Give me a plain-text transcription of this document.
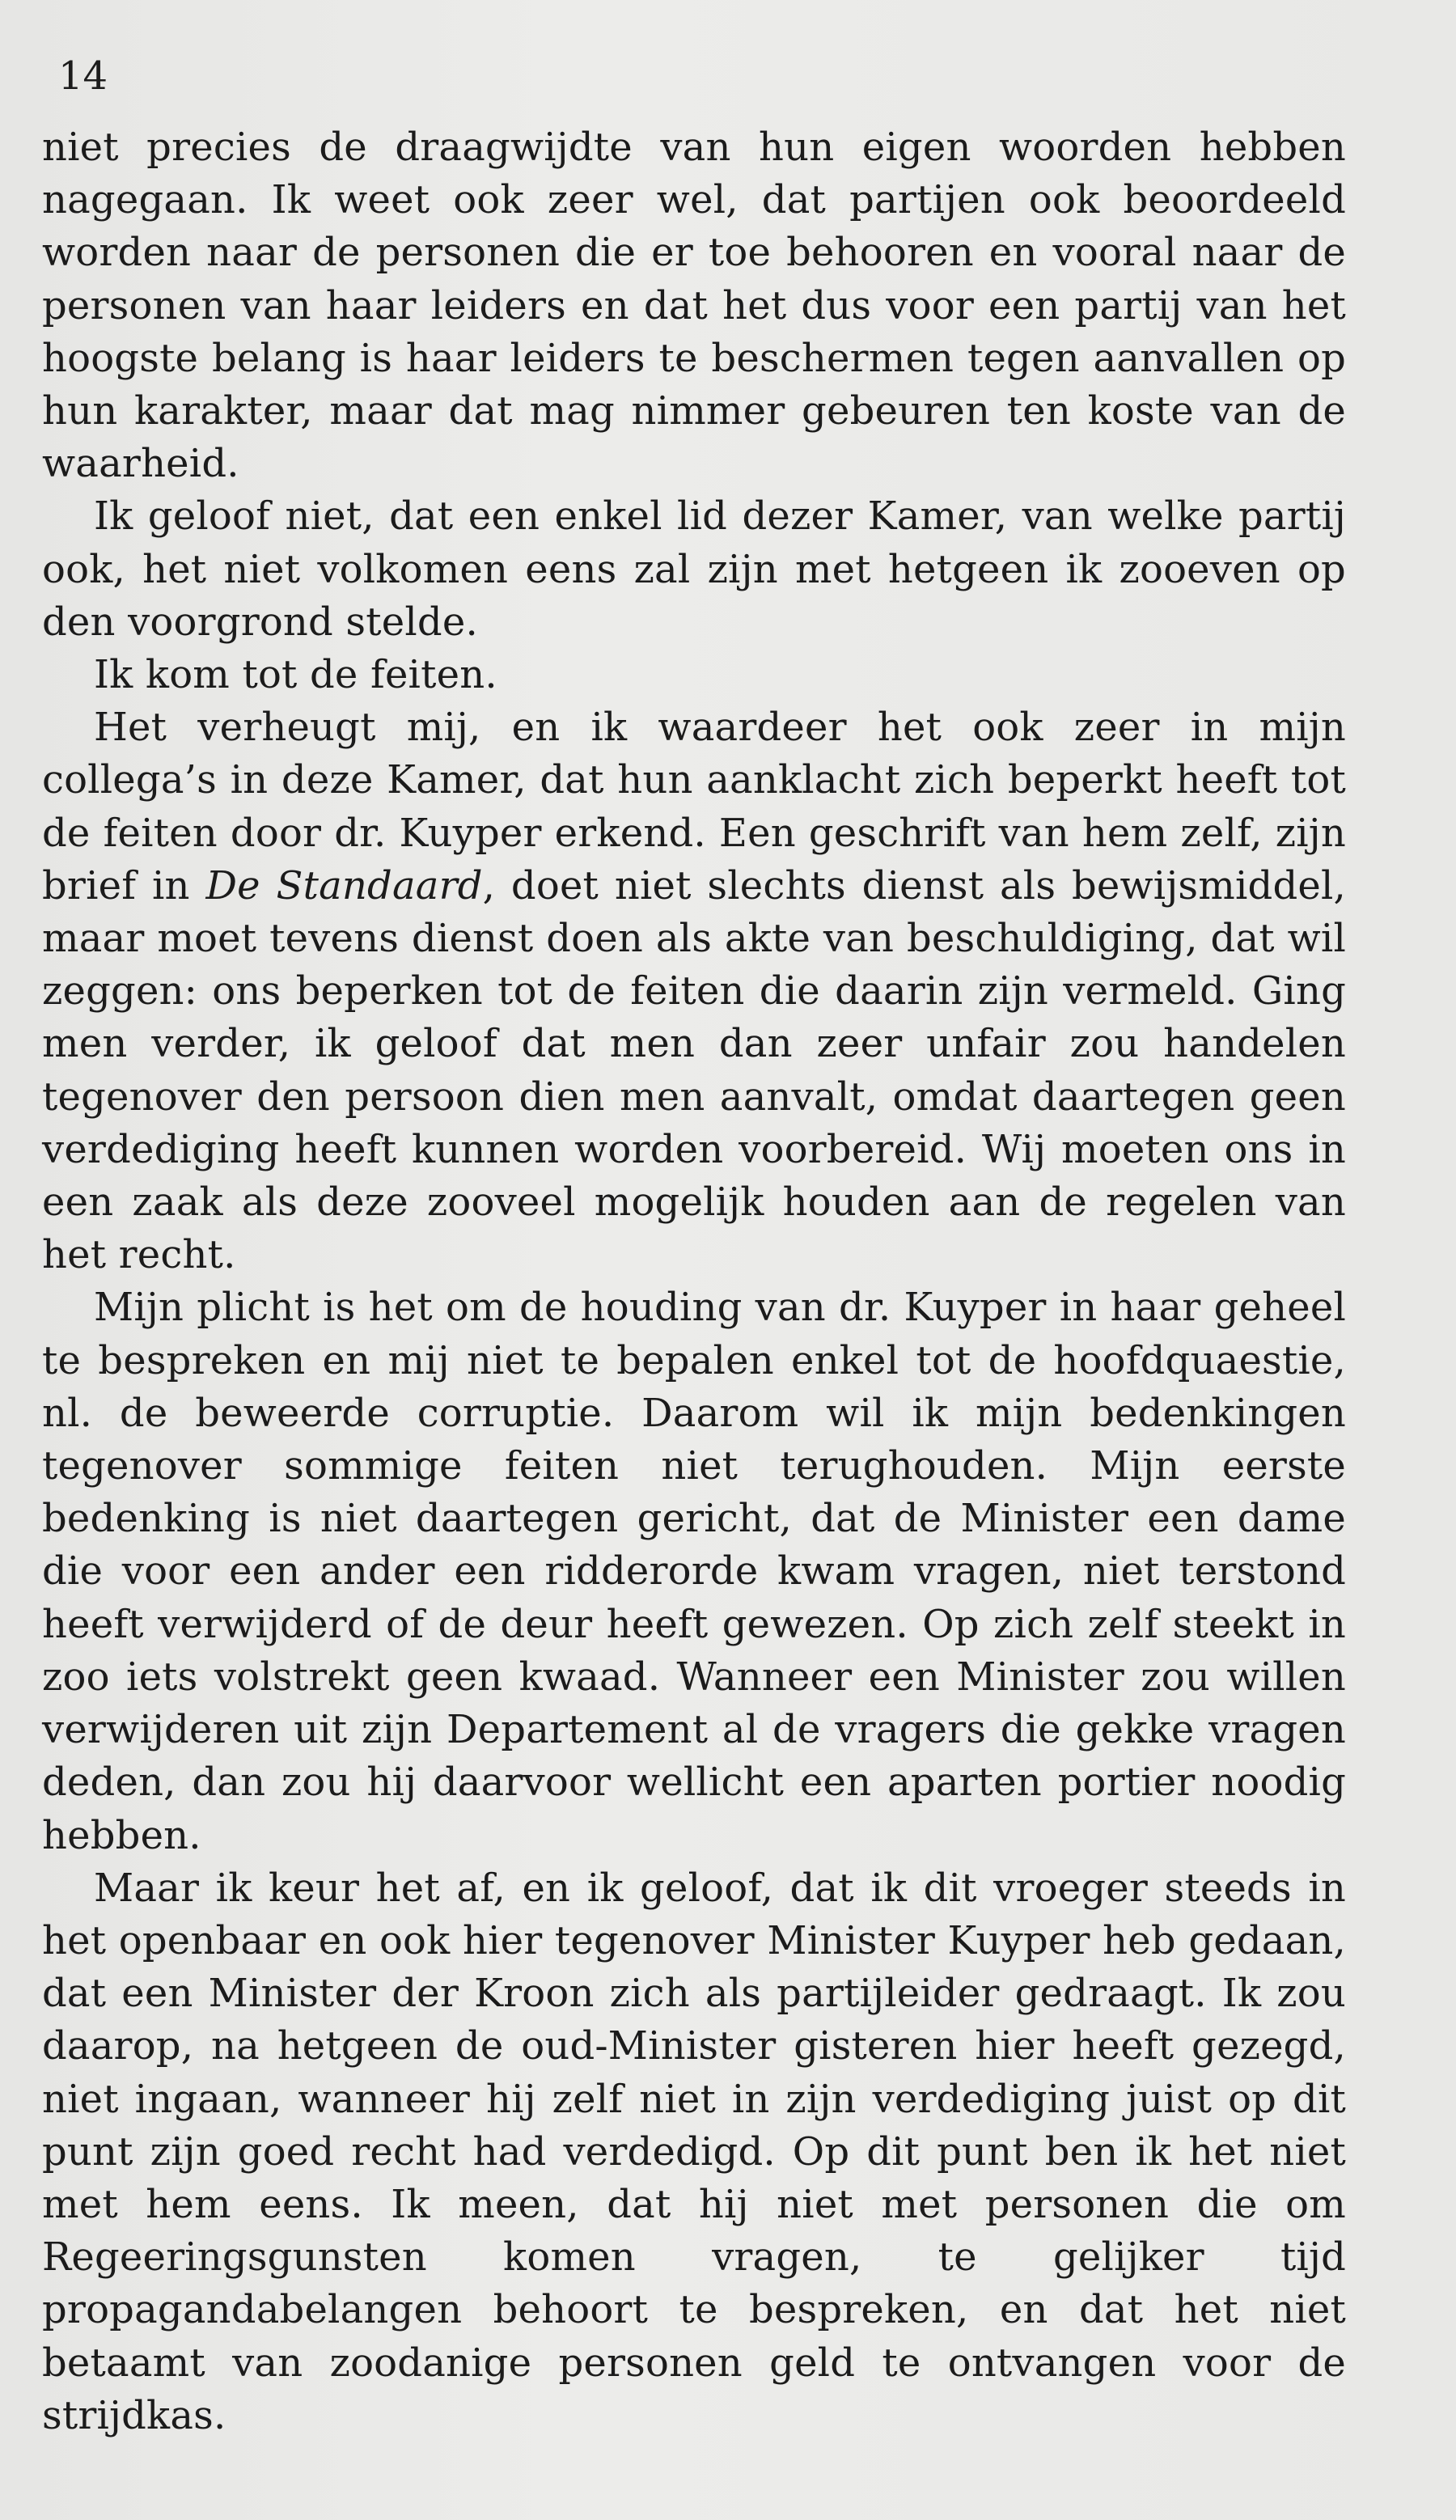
14

niet precies de draagwijdte van hun eigen woorden hebben nagegaan. Ik weet ook zeer wel, dat partijen ook beoordeeld worden naar de personen die er toe behooren en vooral naar de personen van haar leiders en dat het dus voor een partij van het hoogste belang is haar leiders te beschermen tegen aanvallen op hun karakter, maar dat mag nimmer gebeuren ten koste van de waarheid.

Ik geloof niet, dat een enkel lid dezer Kamer, van welke partij ook, het niet volkomen eens zal zijn met hetgeen ik zooeven op den voorgrond stelde.

Ik kom tot de feiten.

Het verheugt mij, en ik waardeer het ook zeer in mijn collega’s in deze Kamer, dat hun aanklacht zich beperkt heeft tot de feiten door dr. Kuyper erkend. Een geschrift van hem zelf, zijn brief in De Standaard, doet niet slechts dienst als bewijsmiddel, maar moet tevens dienst doen als akte van beschuldiging, dat wil zeggen: ons beperken tot de feiten die daarin zijn vermeld. Ging men verder, ik geloof dat men dan zeer unfair zou handelen tegenover den persoon dien men aanvalt, omdat daartegen geen verdediging heeft kunnen worden voorbereid. Wij moeten ons in een zaak als deze zooveel mogelijk houden aan de regelen van het recht.

Mijn plicht is het om de houding van dr. Kuyper in haar geheel te bespreken en mij niet te bepalen enkel tot de hoofdquaestie, nl. de beweerde corruptie. Daarom wil ik mijn bedenkingen tegenover sommige feiten niet terughouden. Mijn eerste bedenking is niet daartegen gericht, dat de Minister een dame die voor een ander een ridderorde kwam vragen, niet terstond heeft verwijderd of de deur heeft gewezen. Op zich zelf steekt in zoo iets volstrekt geen kwaad. Wanneer een Minister zou willen verwijderen uit zijn Departement al de vragers die gekke vragen deden, dan zou hij daarvoor wellicht een aparten portier noodig hebben.

Maar ik keur het af, en ik geloof, dat ik dit vroeger steeds in het openbaar en ook hier tegenover Minister Kuyper heb gedaan, dat een Minister der Kroon zich als partijleider gedraagt. Ik zou daarop, na hetgeen de oud-Minister gisteren hier heeft gezegd, niet ingaan, wanneer hij zelf niet in zijn verdediging juist op dit punt zijn goed recht had verdedigd. Op dit punt ben ik het niet met hem eens. Ik meen, dat hij niet met personen die om Regeeringsgunsten komen vragen, te gelijker tijd propagandabelangen behoort te bespreken, en dat het niet betaamt van zoodanige personen geld te ontvangen voor de strijdkas.
